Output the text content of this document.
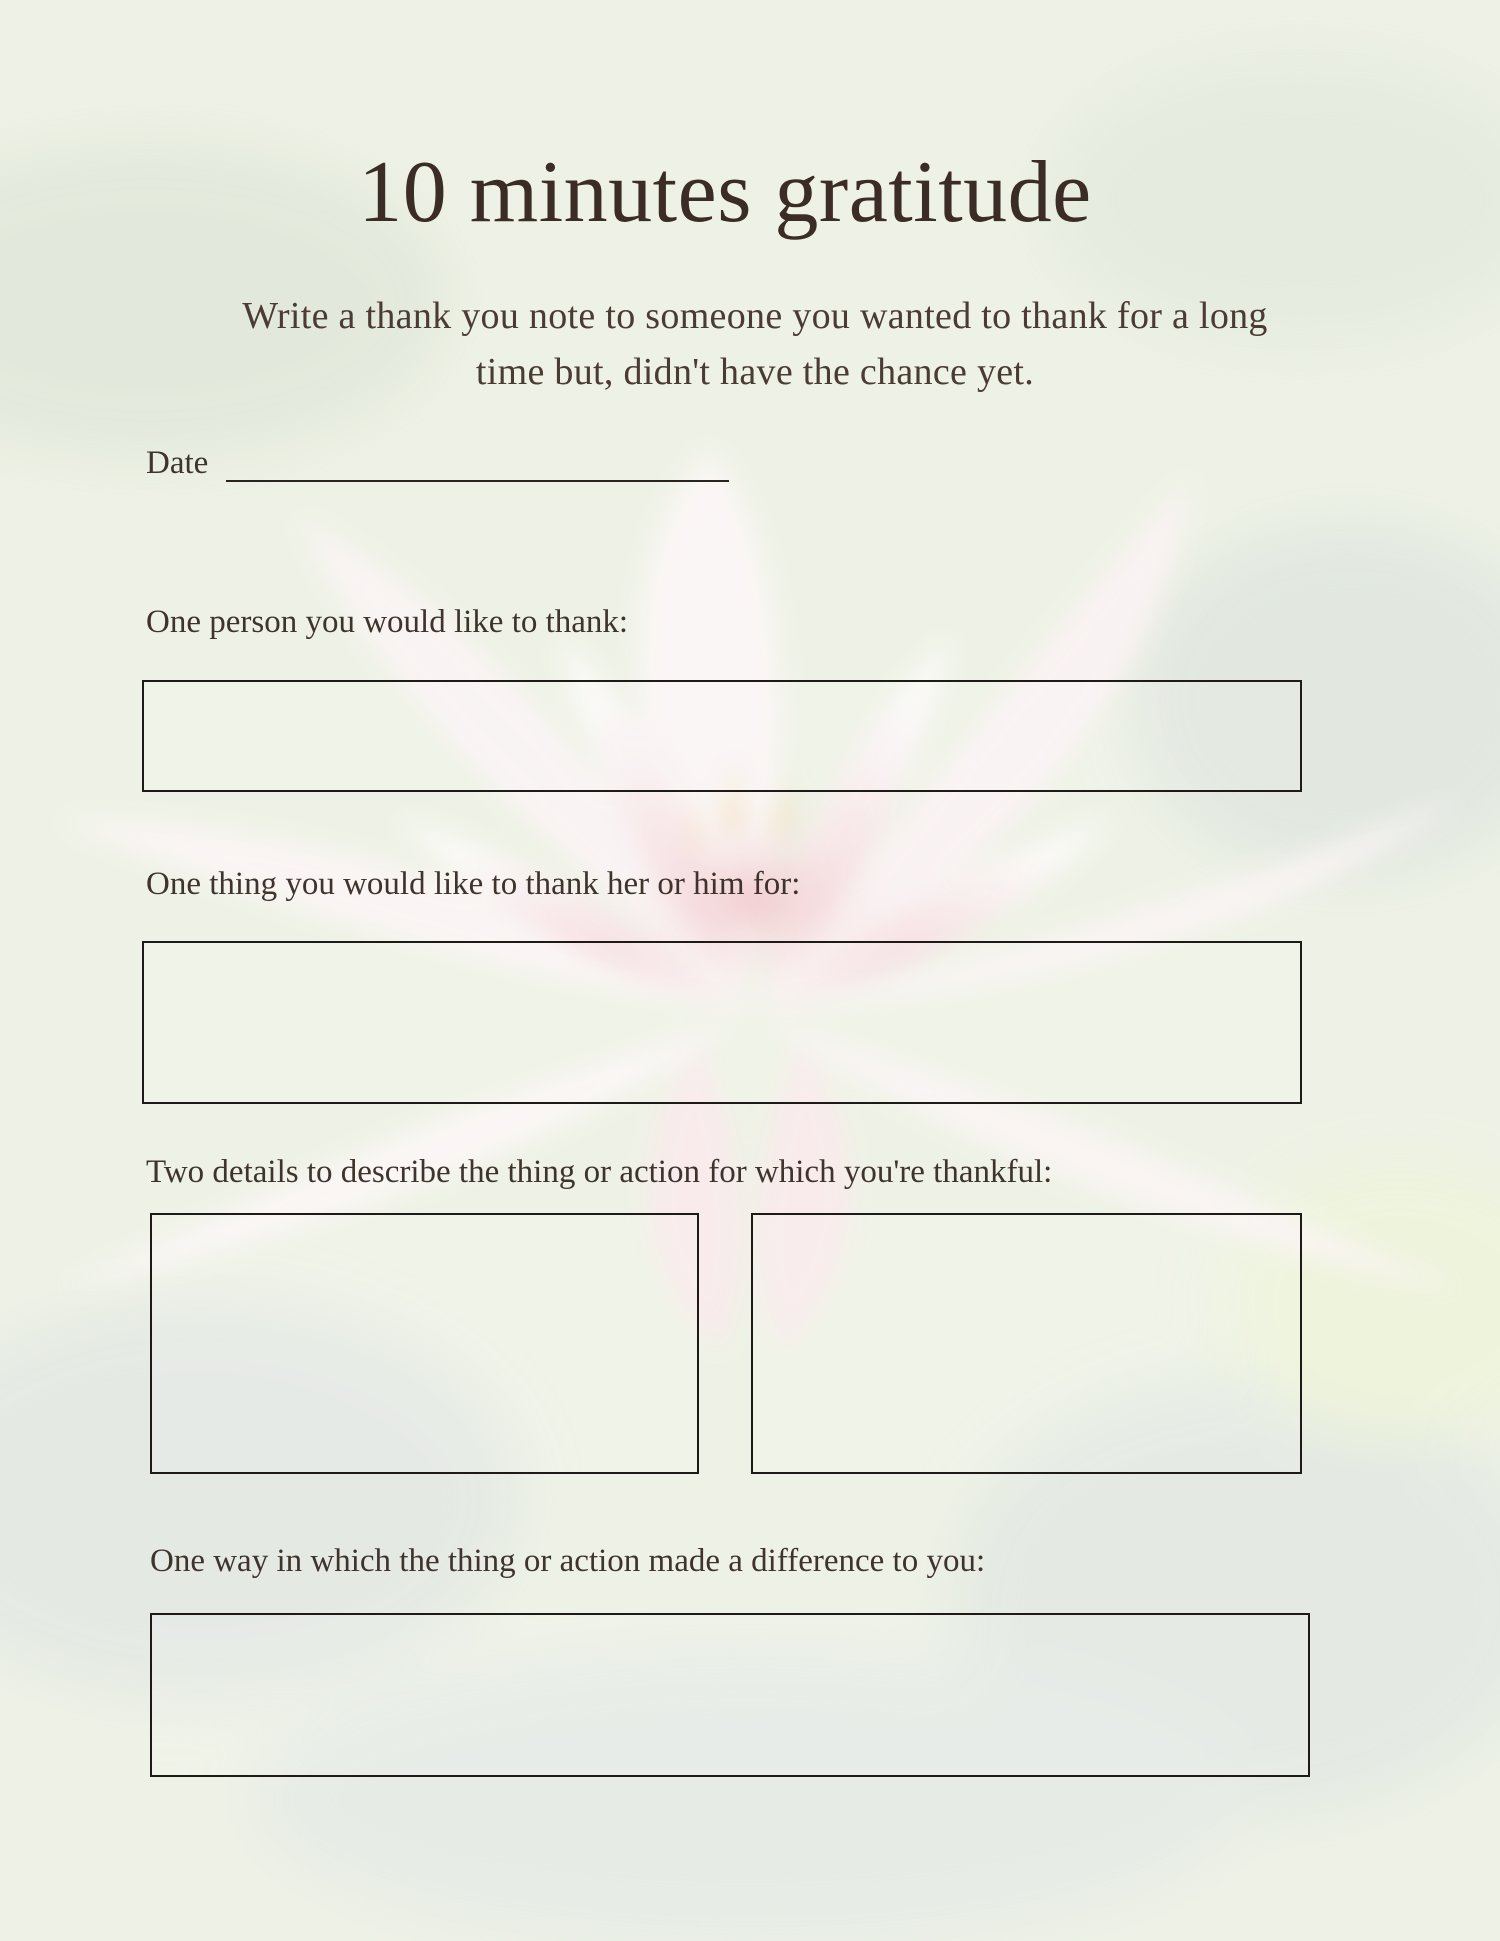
10 minutes gratitude
Write a thank you note to someone you wanted to thank for a long time but, didn't have the chance yet.
Date
One person you would like to thank:
One thing you would like to thank her or him for:
Two details to describe the thing or action for which you're thankful:
One way in which the thing or action made a difference to you:
